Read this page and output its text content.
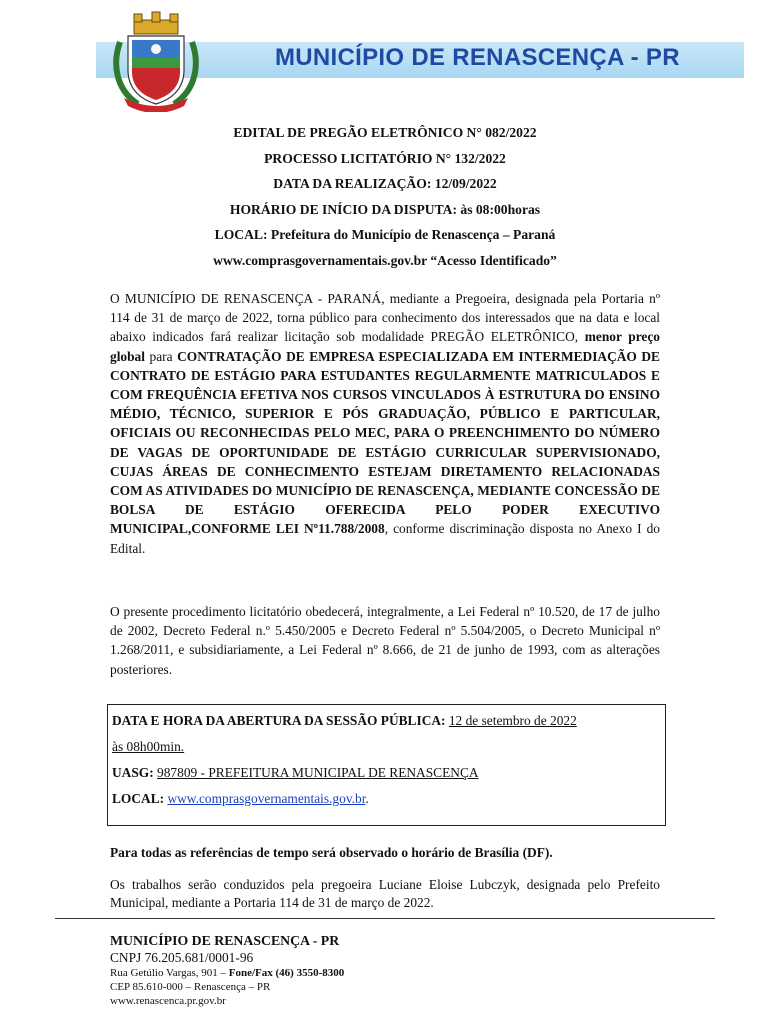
MUNICÍPIO DE RENASCENÇA - PR
EDITAL DE PREGÃO ELETRÔNICO N° 082/2022
PROCESSO LICITATÓRIO N° 132/2022
DATA DA REALIZAÇÃO: 12/09/2022
HORÁRIO DE INÍCIO DA DISPUTA: às 08:00horas
LOCAL: Prefeitura do Município de Renascença – Paraná
www.comprasgovernamentais.gov.br “Acesso Identificado”
O MUNICÍPIO DE RENASCENÇA - PARANÁ, mediante a Pregoeira, designada pela Portaria nº 114 de 31 de março de 2022, torna público para conhecimento dos interessados que na data e local abaixo indicados fará realizar licitação sob modalidade PREGÃO ELETRÔNICO, menor preço global para CONTRATAÇÃO DE EMPRESA ESPECIALIZADA EM INTERMEDIAÇÃO DE CONTRATO DE ESTÁGIO PARA ESTUDANTES REGULARMENTE MATRICULADOS E COM FREQUÊNCIA EFETIVA NOS CURSOS VINCULADOS À ESTRUTURA DO ENSINO MÉDIO, TÉCNICO, SUPERIOR E PÓS GRADUAÇÃO, PÚBLICO E PARTICULAR, OFICIAIS OU RECONHECIDAS PELO MEC, PARA O PREENCHIMENTO DO NÚMERO DE VAGAS DE OPORTUNIDADE DE ESTÁGIO CURRICULAR SUPERVISIONADO, CUJAS ÁREAS DE CONHECIMENTO ESTEJAM DIRETAMENTO RELACIONADAS COM AS ATIVIDADES DO MUNICÍPIO DE RENASCENÇA, MEDIANTE CONCESSÃO DE BOLSA DE ESTÁGIO OFERECIDA PELO PODER EXECUTIVO MUNICIPAL,CONFORME LEI Nº11.788/2008, conforme discriminação disposta no Anexo I do Edital.
O presente procedimento licitatório obedecerá, integralmente, a Lei Federal nº 10.520, de 17 de julho de 2002, Decreto Federal n.º 5.450/2005 e Decreto Federal nº 5.504/2005, o Decreto Municipal nº 1.268/2011, e subsidiariamente, a Lei Federal nº 8.666, de 21 de junho de 1993, com as alterações posteriores.
DATA E HORA DA ABERTURA DA SESSÃO PÚBLICA: 12 de setembro de 2022
às 08h00min.
UASG: 987809 - PREFEITURA MUNICIPAL DE RENASCENÇA
LOCAL: www.comprasgovernamentais.gov.br.
Para todas as referências de tempo será observado o horário de Brasília (DF).
Os trabalhos serão conduzidos pela pregoeira Luciane Eloise Lubczyk, designada pelo Prefeito Municipal, mediante a Portaria 114 de 31 de março de 2022.
MUNICÍPIO DE RENASCENÇA - PR
CNPJ 76.205.681/0001-96
Rua Getúlio Vargas, 901 – Fone/Fax (46) 3550-8300
CEP 85.610-000 – Renascença – PR
www.renascenca.pr.gov.br
